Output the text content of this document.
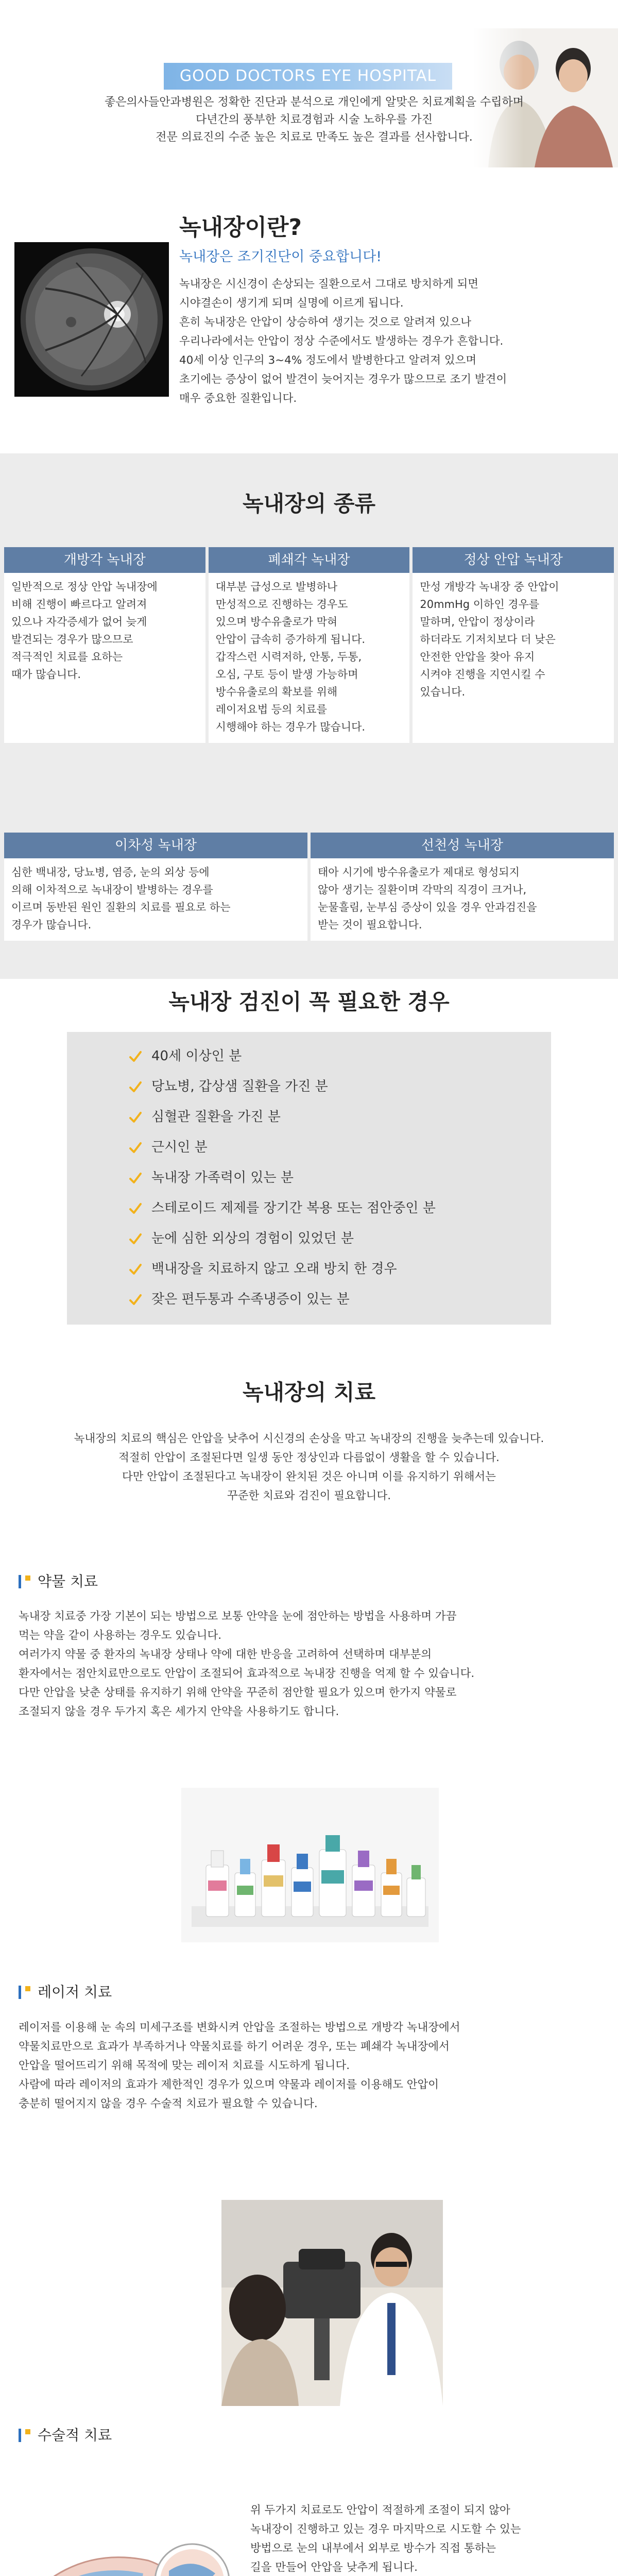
GOOD DOCTORS EYE HOSPITAL
좋은의사들안과병원은 정확한 진단과 분석으로 개인에게 알맞은 치료계획을 수립하며
다년간의 풍부한 치료경험과 시술 노하우를 가진
전문 의료진의 수준 높은 치료로 만족도 높은 결과를 선사합니다.
녹내장이란?
녹내장은 조기진단이 중요합니다!
녹내장은 시신경이 손상되는 질환으로서 그대로 방치하게 되면
시야결손이 생기게 되며 실명에 이르게 됩니다.
흔히 녹내장은 안압이 상승하여 생기는 것으로 알려져 있으나
우리나라에서는 안압이 정상 수준에서도 발생하는 경우가 흔합니다.
40세 이상 인구의 3~4% 정도에서 발병한다고 알려져 있으며
초기에는 증상이 없어 발견이 늦어지는 경우가 많으므로 조기 발견이
매우 중요한 질환입니다.
녹내장의 종류
개방각 녹내장
일반적으로 정상 안압 녹내장에
비해 진행이 빠르다고 알려져
있으나 자각증세가 없어 늦게
발견되는 경우가 많으므로
적극적인 치료를 요하는
때가 많습니다.
폐쇄각 녹내장
대부분 급성으로 발병하나
만성적으로 진행하는 경우도
있으며 방수유출로가 막혀
안압이 급속히 증가하게 됩니다.
갑작스런 시력저하, 안통, 두통,
오심, 구토 등이 발생 가능하며
방수유출로의 확보를 위해
레이저요법 등의 치료를
시행해야 하는 경우가 많습니다.
정상 안압 녹내장
만성 개방각 녹내장 중 안압이
20mmHg 이하인 경우를
말하며, 안압이 정상이라
하더라도 기저치보다 더 낮은
안전한 안압을 찾아 유지
시켜야 진행을 지연시킬 수
있습니다.
이차성 녹내장
심한 백내장, 당뇨병, 염증, 눈의 외상 등에
의해 이차적으로 녹내장이 발병하는 경우를
이르며 동반된 원인 질환의 치료를 필요로 하는
경우가 많습니다.
선천성 녹내장
태아 시기에 방수유출로가 제대로 형성되지
않아 생기는 질환이며 각막의 직경이 크거나,
눈물흘림, 눈부심 증상이 있을 경우 안과검진을
받는 것이 필요합니다.
녹내장 검진이 꼭 필요한 경우
40세 이상인 분
당뇨병, 갑상샘 질환을 가진 분
심혈관 질환을 가진 분
근시인 분
녹내장 가족력이 있는 분
스테로이드 제제를 장기간 복용 또는 점안중인 분
눈에 심한 외상의 경험이 있었던 분
백내장을 치료하지 않고 오래 방치 한 경우
잦은 편두통과 수족냉증이 있는 분
녹내장의 치료
녹내장의 치료의 핵심은 안압을 낮추어 시신경의 손상을 막고 녹내장의 진행을 늦추는데 있습니다.
적절히 안압이 조절된다면 일생 동안 정상인과 다름없이 생활을 할 수 있습니다.
다만 안압이 조절된다고 녹내장이 완치된 것은 아니며 이를 유지하기 위해서는
꾸준한 치료와 검진이 필요합니다.
약물 치료
녹내장 치료중 가장 기본이 되는 방법으로 보통 안약을 눈에 점안하는 방법을 사용하며 가끔
먹는 약을 같이 사용하는 경우도 있습니다.
여러가지 약물 중 환자의 녹내장 상태나 약에 대한 반응을 고려하여 선택하며 대부분의
환자에서는 점안치료만으로도 안압이 조절되어 효과적으로 녹내장 진행을 억제 할 수 있습니다.
다만 안압을 낮춘 상태를 유지하기 위해 안약을 꾸준히 점안할 필요가 있으며 한가지 약물로
조절되지 않을 경우 두가지 혹은 세가지 안약을 사용하기도 합니다.
레이저 치료
레이저를 이용해 눈 속의 미세구조를 변화시켜 안압을 조절하는 방법으로 개방각 녹내장에서
약물치료만으로 효과가 부족하거나 약물치료를 하기 어려운 경우, 또는 폐쇄각 녹내장에서
안압을 떨어뜨리기 위해 목적에 맞는 레이저 치료를 시도하게 됩니다.
사람에 따라 레이저의 효과가 제한적인 경우가 있으며 약물과 레이저를 이용해도 안압이
충분히 떨어지지 않을 경우 수술적 치료가 필요할 수 있습니다.
수술적 치료
위 두가지 치료로도 안압이 적절하게 조절이 되지 않아
녹내장이 진행하고 있는 경우 마지막으로 시도할 수 있는
방법으로 눈의 내부에서 외부로 방수가 직접 통하는
길을 만들어 안압을 낮추게 됩니다.
